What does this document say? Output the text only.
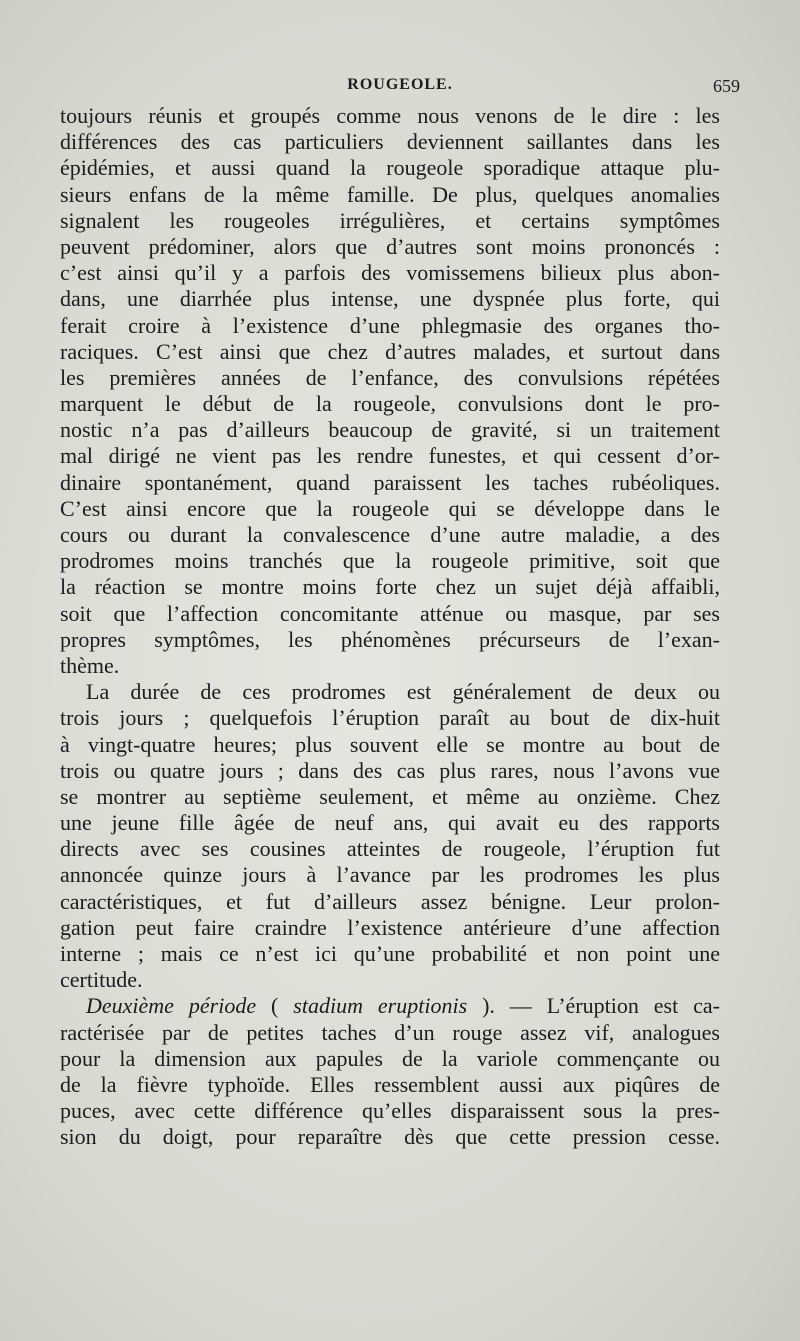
ROUGEOLE.	659
toujours réunis et groupés comme nous venons de le dire : les
différences des cas particuliers deviennent saillantes dans les
épidémies, et aussi quand la rougeole sporadique attaque plu-
sieurs enfans de la même famille. De plus, quelques anomalies
signalent les rougeoles irrégulières, et certains symptômes
peuvent prédominer, alors que d’autres sont moins prononcés :
c’est ainsi qu’il y a parfois des vomissemens bilieux plus abon-
dans, une diarrhée plus intense, une dyspnée plus forte, qui
ferait croire à l’existence d’une phlegmasie des organes tho-
raciques. C’est ainsi que chez d’autres malades, et surtout dans
les premières années de l’enfance, des convulsions répétées
marquent le début de la rougeole, convulsions dont le pro-
nostic n’a pas d’ailleurs beaucoup de gravité, si un traitement
mal dirigé ne vient pas les rendre funestes, et qui cessent d’or-
dinaire spontanément, quand paraissent les taches rubéoliques.
C’est ainsi encore que la rougeole qui se développe dans le
cours ou durant la convalescence d’une autre maladie, a des
prodromes moins tranchés que la rougeole primitive, soit que
la réaction se montre moins forte chez un sujet déjà affaibli,
soit que l’affection concomitante atténue ou masque, par ses
propres symptômes, les phénomènes précurseurs de l’exan-
thème.
La durée de ces prodromes est généralement de deux ou
trois jours ; quelquefois l’éruption paraît au bout de dix-huit
à vingt-quatre heures; plus souvent elle se montre au bout de
trois ou quatre jours ; dans des cas plus rares, nous l’avons vue
se montrer au septième seulement, et même au onzième. Chez
une jeune fille âgée de neuf ans, qui avait eu des rapports
directs avec ses cousines atteintes de rougeole, l’éruption fut
annoncée quinze jours à l’avance par les prodromes les plus
caractéristiques, et fut d’ailleurs assez bénigne. Leur prolon-
gation peut faire craindre l’existence antérieure d’une affection
interne ; mais ce n’est ici qu’une probabilité et non point une
certitude.
Deuxième période ( stadium eruptionis ). — L’éruption est ca-
ractérisée par de petites taches d’un rouge assez vif, analogues
pour la dimension aux papules de la variole commençante ou
de la fièvre typhoïde. Elles ressemblent aussi aux piqûres de
puces, avec cette différence qu’elles disparaissent sous la pres-
sion du doigt, pour reparaître dès que cette pression cesse.
